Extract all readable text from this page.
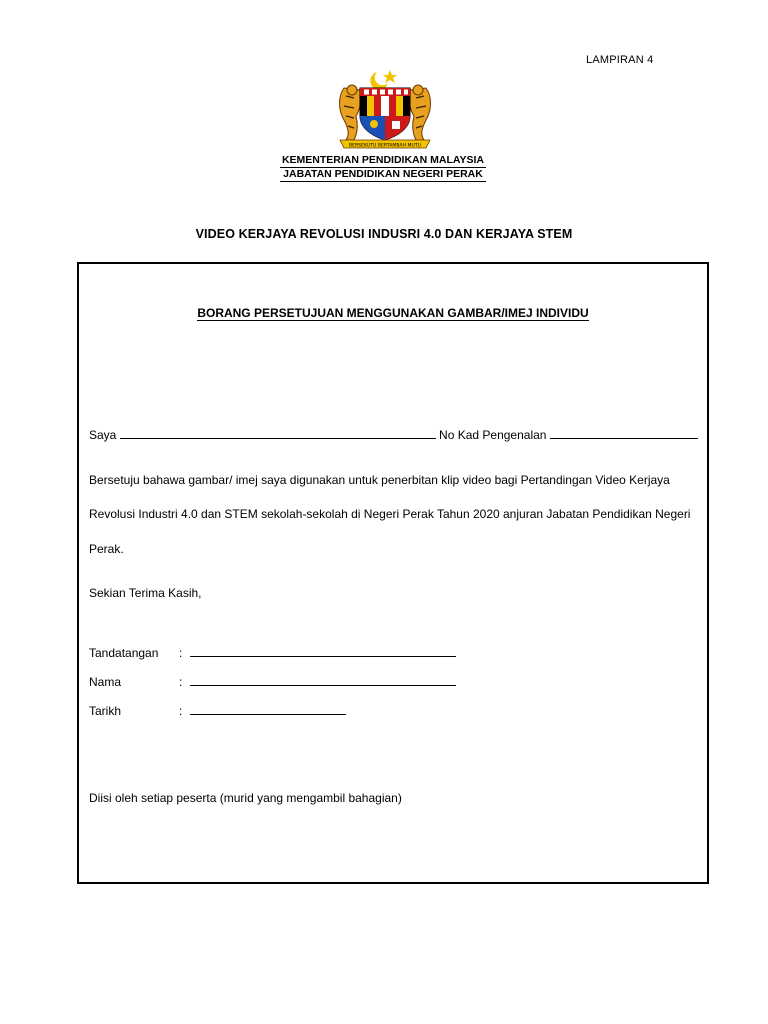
LAMPIRAN 4
BERSEKUTU BERTAMBAH MUTU
KEMENTERIAN PENDIDIKAN MALAYSIA
JABATAN PENDIDIKAN NEGERI PERAK
VIDEO KERJAYA REVOLUSI INDUSRI 4.0 DAN KERJAYA STEM
BORANG PERSETUJUAN MENGGUNAKAN GAMBAR/IMEJ INDIVIDU
Saya	No Kad Pengenalan
Bersetuju bahawa gambar/ imej saya digunakan untuk penerbitan klip video bagi Pertandingan Video Kerjaya
Revolusi Industri 4.0 dan STEM sekolah-sekolah di Negeri Perak Tahun 2020 anjuran Jabatan Pendidikan Negeri
Perak.
Sekian Terima Kasih,
Tandatangan :
Nama	:
Tarikh	:
Diisi oleh setiap peserta (murid yang mengambil bahagian)
